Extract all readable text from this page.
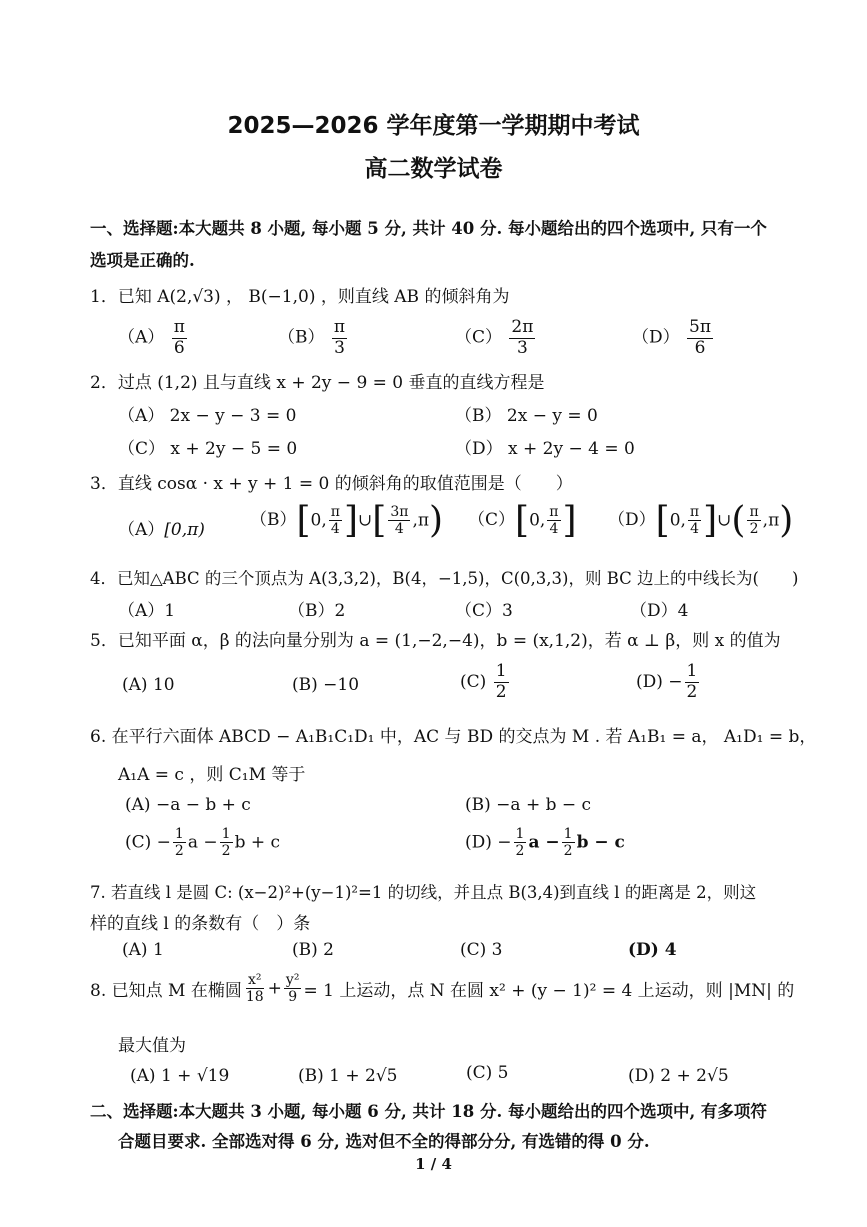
2025—2026 学年度第一学期期中考试
高二数学试卷
一、选择题:本大题共 8 小题, 每小题 5 分, 共计 40 分. 每小题给出的四个选项中, 只有一个
选项是正确的.
1．已知 A(2,√3) ， B(−1,0) ，则直线 AB 的倾斜角为
$(A) \frac{\pi}{6}$	$(B) \frac{\pi}{3}$	$(C) \frac{2\pi}{3}$	$(D) \frac{5\pi}{6}$
2．过点 (1,2) 且与直线 x + 2y − 9 = 0 垂直的直线方程是
（A） 2x − y − 3 = 0	（B） 2x − y = 0
（C） x + 2y − 5 = 0	（D） x + 2y − 4 = 0
3．直线 cosα · x + y + 1 = 0 的倾斜角的取值范围是（　　）
（A）[0,π)	（B）[0, $\frac{\pi}{4}$ ]∪[ $\frac{3\pi}{4} ,\pi$) （C）[0, $\frac{\pi}{4}$ ] （D）[0, $\frac{\pi}{4}$ ]∪( $\frac{\pi}{2} ,\pi$)
4．已知△ABC 的三个顶点为 A(3,3,2)，B(4，−1,5)，C(0,3,3)，则 BC 边上的中线长为(　　)
（A）1	（B）2	（C）3	（D）4
5．已知平面 α，β 的法向量分别为 a = (1,−2,−4)，b = (x,1,2)，若 α ⊥ β，则 x 的值为
(A) 10	(B) −10	$(C) \frac{1}{2}$	$(D) - \frac{1}{2}$
6. 在平行六面体 ABCD − A₁B₁C₁D₁ 中，AC 与 BD 的交点为 M . 若 A₁B₁ = a， A₁D₁ = b，
A₁A = c ，则 C₁M 等于
(A) −a − b + c	(B) −a + b − c
$(C) - \frac{1}{2}$ $a - \frac{1}{2}$ b + c	$(D) - \frac{1}{2}$ $a - \frac{1}{2}$ b − c
7. 若直线 l 是圆 C: (x−2)²+(y−1)²=1 的切线，并且点 B(3,4)到直线 l 的距离是 2，则这
样的直线 l 的条数有（　）条
(A) 1	(B) 2	(C) 3	(D) 4
8. 已知点 M 在椭圆 $\frac{\text{x²}}{18} + \frac{\text{y²}}{9} = 1$ 上运动，点 N 在圆 x² + (y − 1)² = 4 上运动，则 |MN| 的
最大值为
(A) 1 + √19	(B) 1 + 2√5	(C) 5	(D) 2 + 2√5
二、选择题:本大题共 3 小题, 每小题 6 分, 共计 18 分. 每小题给出的四个选项中, 有多项符
合题目要求. 全部选对得 6 分, 选对但不全的得部分分, 有选错的得 0 分.
1 / 4
